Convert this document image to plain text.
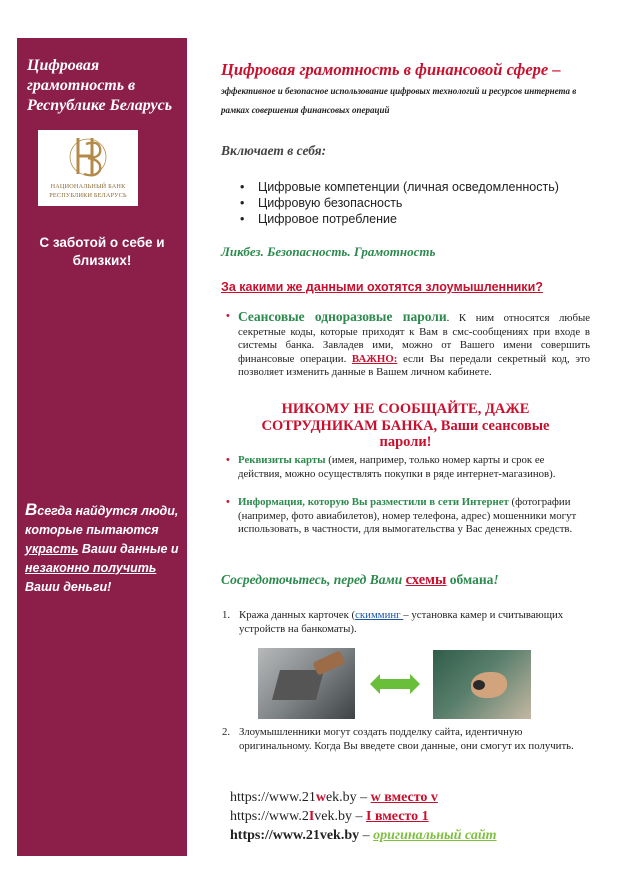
Цифровая
грамотность в
Республике Беларусь
НАЦИОНАЛЬНЫЙ БАНК
РЕСПУБЛИКИ БЕЛАРУСЬ
С заботой о себе и близких!
Всегда найдутся люди, которые пытаются украсть Ваши данные и незаконно получить Ваши деньги!
Цифровая грамотность в финансовой сфере – эффективное и безопасное использование цифровых технологий и ресурсов интернета в рамках совершения финансовых операций
Включает в себя:
• Цифровые компетенции (личная осведомленность)
• Цифровую безопасность
• Цифровое потребление
Ликбез. Безопасность. Грамотность
За какими же данными охотятся злоумышленники?
• Сеансовые одноразовые пароли. К ним относятся любые секретные коды, которые приходят к Вам в смс-сообщениях при входе в системы банка. Завладев ими, можно от Вашего имени совершить финансовые операции. ВАЖНО: если Вы передали секретный код, это позволяет изменить данные в Вашем личном кабинете.
НИКОМУ НЕ СООБЩАЙТЕ, ДАЖЕ СОТРУДНИКАМ БАНКА, Ваши сеансовые пароли!
• Реквизиты карты (имея, например, только номер карты и срок ее действия, можно осуществлять покупки в ряде интернет-магазинов).
• Информация, которую Вы разместили в сети Интернет (фотографии (например, фото авиабилетов), номер телефона, адрес) мошенники могут использовать, в частности, для вымогательства у Вас денежных средств.
Сосредоточьтесь, перед Вами схемы обмана!
1. Кража данных карточек (скимминг – установка камер и считывающих устройств на банкоматы).
2. Злоумышленники могут создать подделку сайта, идентичную оригинальному. Когда Вы введете свои данные, они смогут их получить.
https://www.21wek.by – w вместо v
https://www.2Ivek.by – I вместо 1
https://www.21vek.by – оригинальный сайт
